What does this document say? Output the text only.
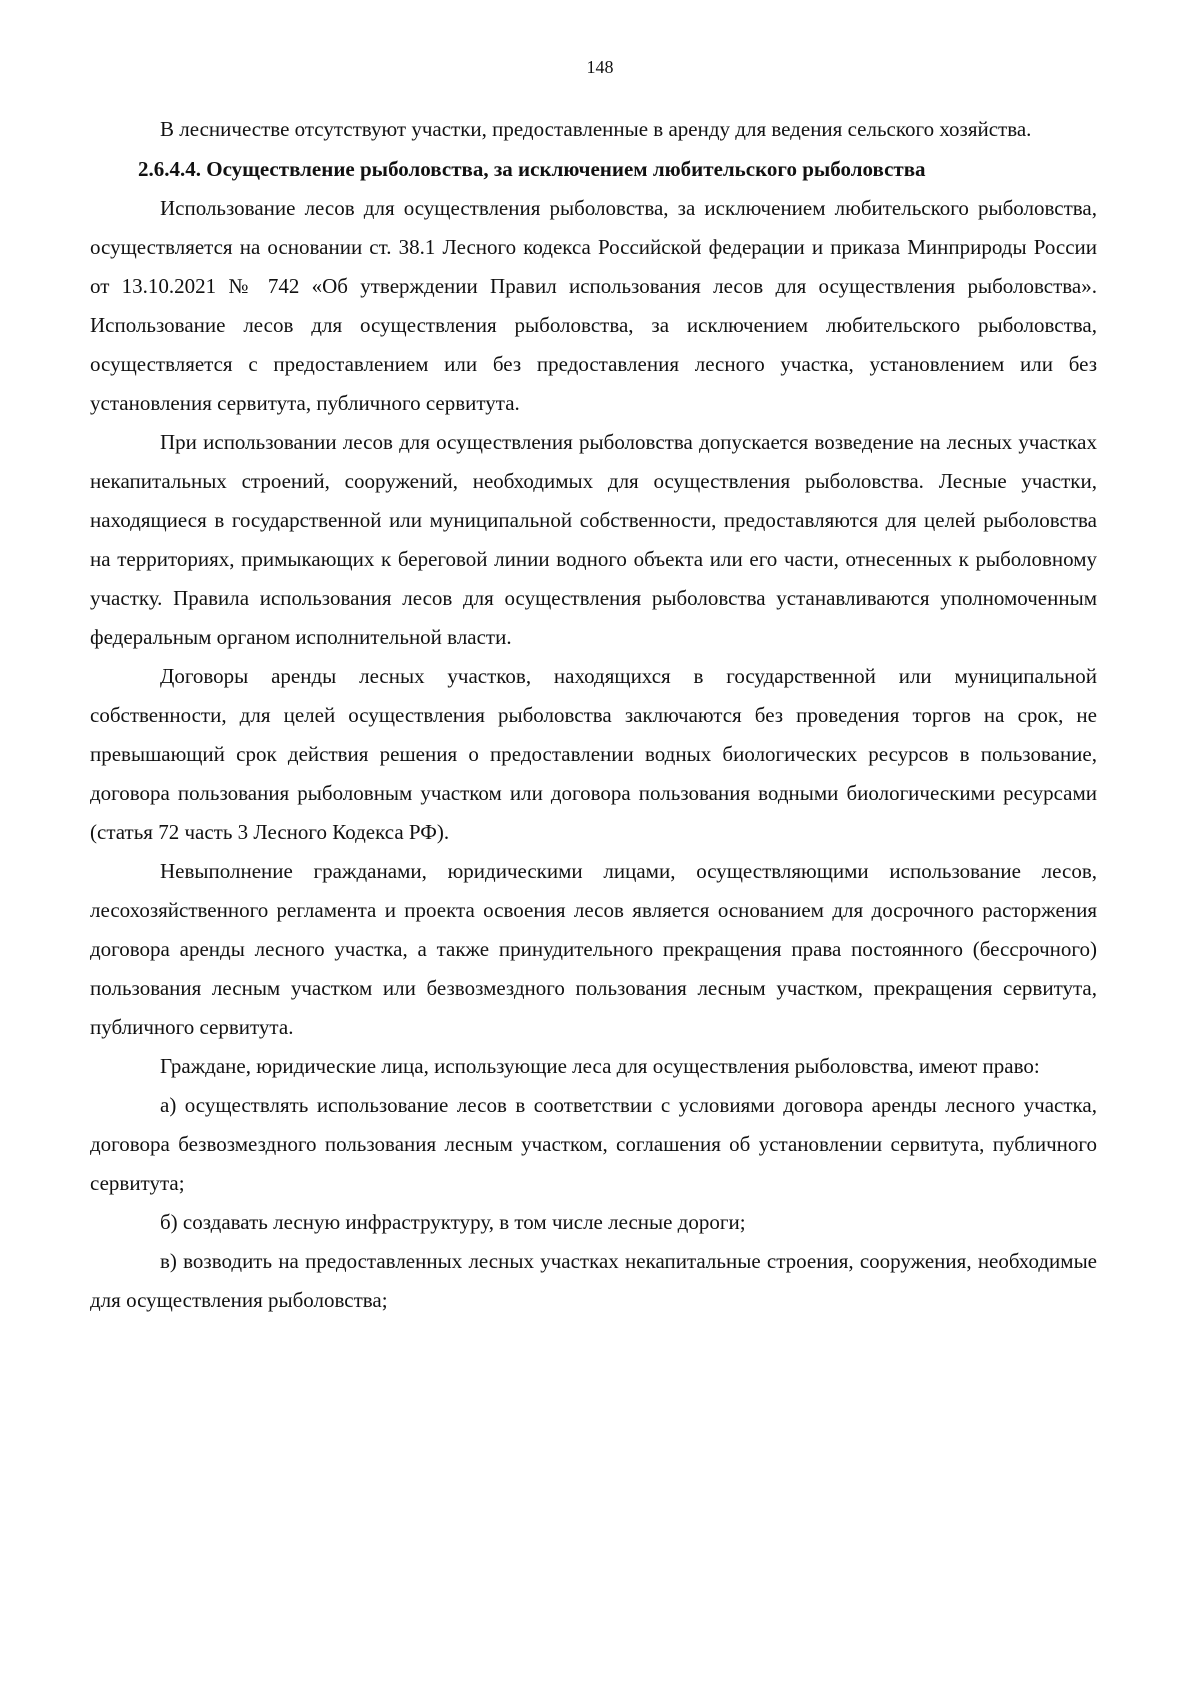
148

В лесничестве отсутствуют участки, предоставленные в аренду для ведения сельского хозяйства.

2.6.4.4. Осуществление рыболовства, за исключением любительского рыболовства

Использование лесов для осуществления рыболовства, за исключением любительского рыболовства, осуществляется на основании ст. 38.1 Лесного кодекса Российской федерации и приказа Минприроды России от 13.10.2021 № 742 «Об утверждении Правил использования лесов для осуществления рыболовства». Использование лесов для осуществления рыболовства, за исключением любительского рыболовства, осуществляется с предоставлением или без предоставления лесного участка, установлением или без установления сервитута, публичного сервитута.

При использовании лесов для осуществления рыболовства допускается возведение на лесных участках некапитальных строений, сооружений, необходимых для осуществления рыболовства. Лесные участки, находящиеся в государственной или муниципальной собственности, предоставляются для целей рыболовства на территориях, примыкающих к береговой линии водного объекта или его части, отнесенных к рыболовному участку. Правила использования лесов для осуществления рыболовства устанавливаются уполномоченным федеральным органом исполнительной власти.

Договоры аренды лесных участков, находящихся в государственной или муниципальной собственности, для целей осуществления рыболовства заключаются без проведения торгов на срок, не превышающий срок действия решения о предоставлении водных биологических ресурсов в пользование, договора пользования рыболовным участком или договора пользования водными биологическими ресурсами (статья 72 часть 3 Лесного Кодекса РФ).

Невыполнение гражданами, юридическими лицами, осуществляющими использование лесов, лесохозяйственного регламента и проекта освоения лесов является основанием для досрочного расторжения договора аренды лесного участка, а также принудительного прекращения права постоянного (бессрочного) пользования лесным участком или безвозмездного пользования лесным участком, прекращения сервитута, публичного сервитута.

Граждане, юридические лица, использующие леса для осуществления рыболовства, имеют право:

а) осуществлять использование лесов в соответствии с условиями договора аренды лесного участка, договора безвозмездного пользования лесным участком, соглашения об установлении сервитута, публичного сервитута;

б) создавать лесную инфраструктуру, в том числе лесные дороги;

в) возводить на предоставленных лесных участках некапитальные строения, сооружения, необходимые для осуществления рыболовства;
